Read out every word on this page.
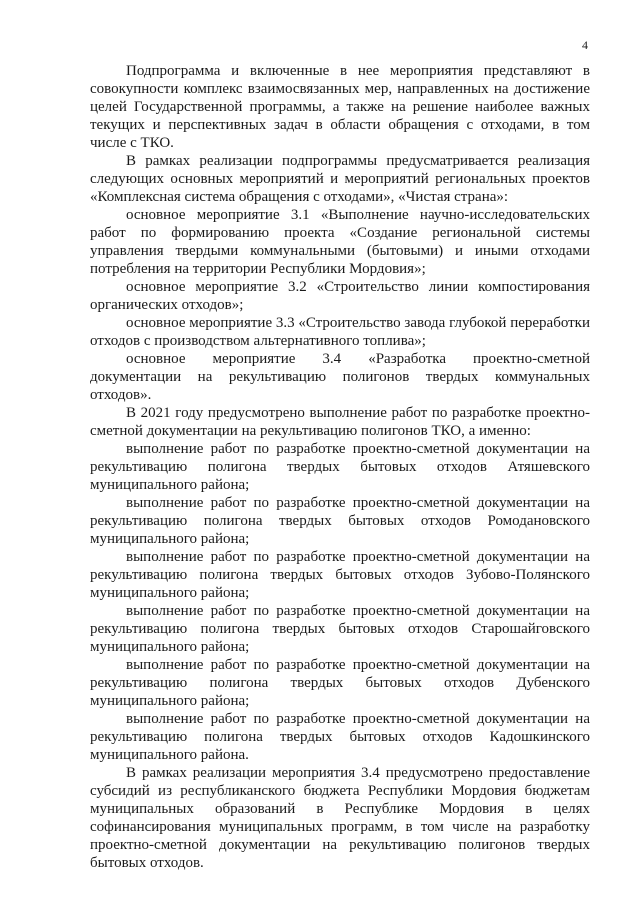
4

Подпрограмма и включенные в нее мероприятия представляют в совокупности комплекс взаимосвязанных мер, направленных на достижение целей Государственной программы, а также на решение наиболее важных текущих и перспективных задач в области обращения с отходами, в том числе с ТКО.

В рамках реализации подпрограммы предусматривается реализация следующих основных мероприятий и мероприятий региональных проектов «Комплексная система обращения с отходами», «Чистая страна»:

основное мероприятие 3.1 «Выполнение научно-исследовательских работ по формированию проекта «Создание региональной системы управления твердыми коммунальными (бытовыми) и иными отходами потребления на территории Республики Мордовия»;

основное мероприятие 3.2 «Строительство линии компостирования органических отходов»;

основное мероприятие 3.3 «Строительство завода глубокой переработки отходов с производством альтернативного топлива»;

основное мероприятие 3.4 «Разработка проектно-сметной документации на рекультивацию полигонов твердых коммунальных отходов».

В 2021 году предусмотрено выполнение работ по разработке проектно-сметной документации на рекультивацию полигонов ТКО, а именно:

выполнение работ по разработке проектно-сметной документации на рекультивацию полигона твердых бытовых отходов Атяшевского муниципального района;

выполнение работ по разработке проектно-сметной документации на рекультивацию полигона твердых бытовых отходов Ромодановского муниципального района;

выполнение работ по разработке проектно-сметной документации на рекультивацию полигона твердых бытовых отходов Зубово-Полянского муниципального района;

выполнение работ по разработке проектно-сметной документации на рекультивацию полигона твердых бытовых отходов Старошайговского муниципального района;

выполнение работ по разработке проектно-сметной документации на рекультивацию полигона твердых бытовых отходов Дубенского муниципального района;

выполнение работ по разработке проектно-сметной документации на рекультивацию полигона твердых бытовых отходов Кадошкинского муниципального района.

В рамках реализации мероприятия 3.4 предусмотрено предоставление субсидий из республиканского бюджета Республики Мордовия бюджетам муниципальных образований в Республике Мордовия в целях софинансирования муниципальных программ, в том числе на разработку проектно-сметной документации на рекультивацию полигонов твердых бытовых отходов.
